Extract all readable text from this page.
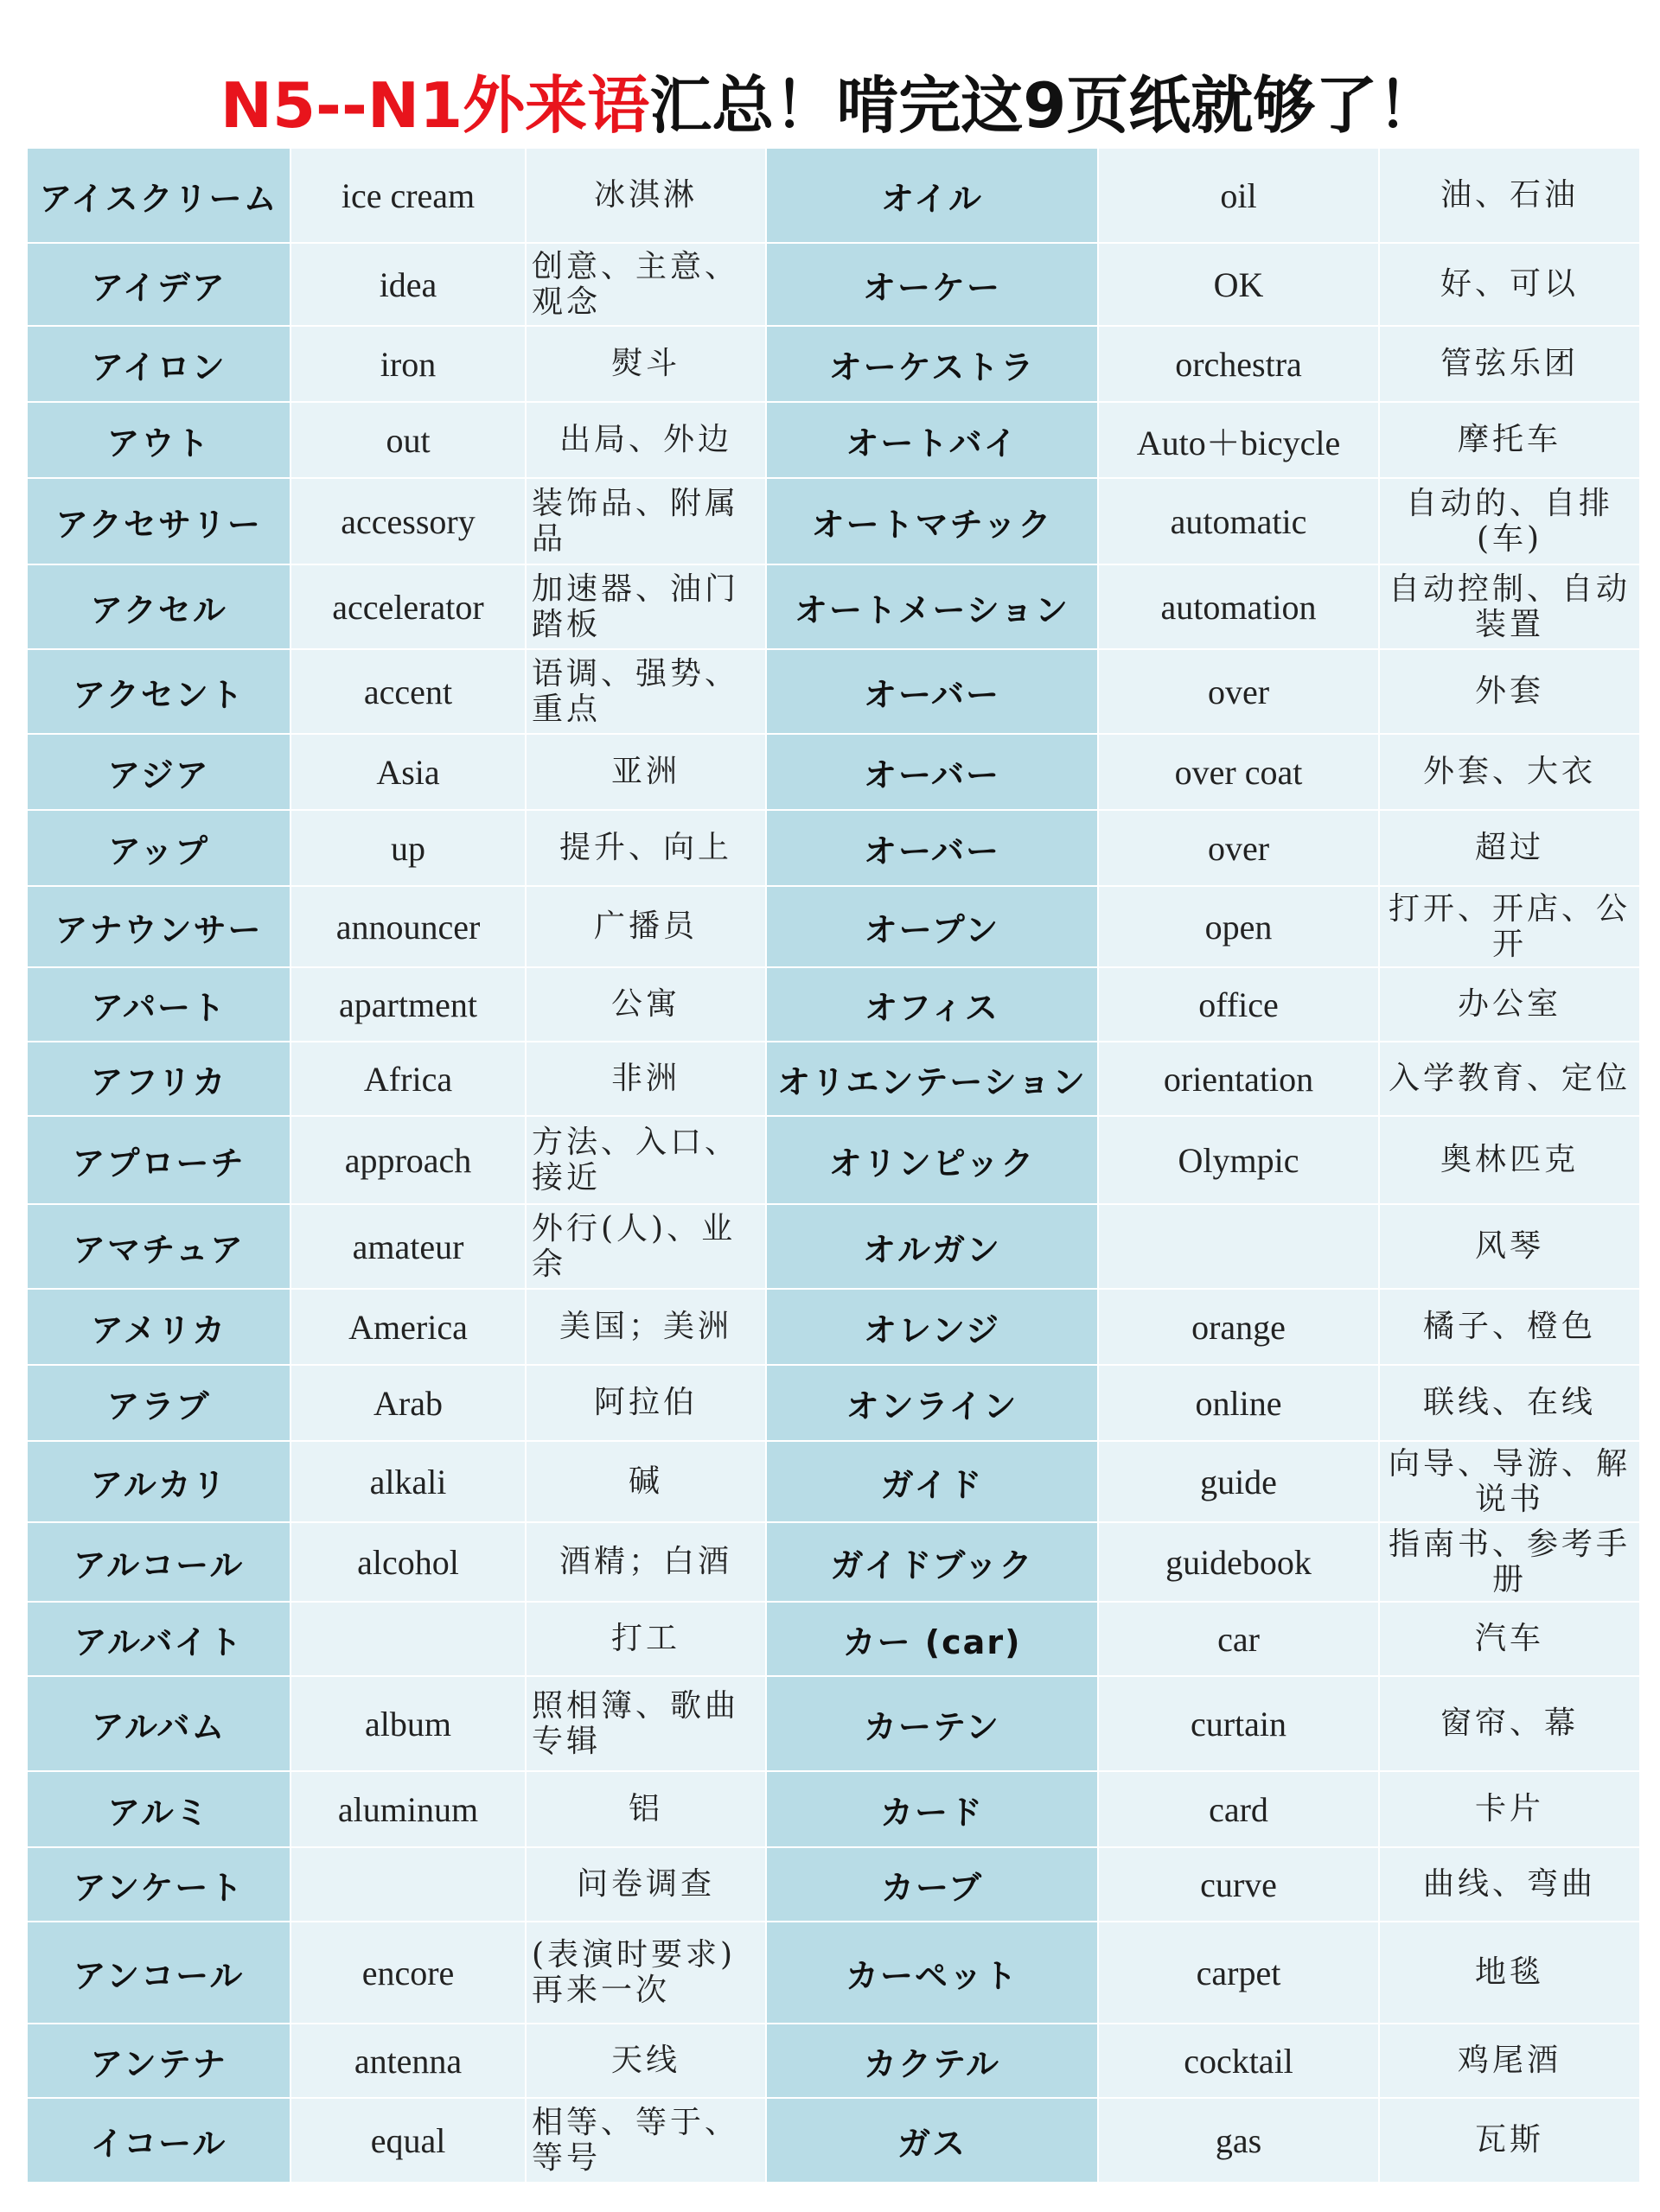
N5--N1外来语汇总！啃完这9页纸就够了！
アイスクリーム	ice cream	冰淇淋	オイル	oil	油、石油
アイデア	idea	创意、主意、观念	オーケー	OK	好、可以
アイロン	iron	熨斗	オーケストラ	orchestra	管弦乐团
アウト	out	出局、外边	オートバイ	Auto＋bicycle	摩托车
アクセサリー	accessory	装饰品、附属品	オートマチック	automatic	自动的、自排(车)
アクセル	accelerator	加速器、油门踏板	オートメーション	automation	自动控制、自动装置
アクセント	accent	语调、强势、重点	オーバー	over	外套
アジア	Asia	亚洲	オーバー	over coat	外套、大衣
アップ	up	提升、向上	オーバー	over	超过
アナウンサー	announcer	广播员	オープン	open	打开、开店、公开
アパート	apartment	公寓	オフィス	office	办公室
アフリカ	Africa	非洲	オリエンテーション	orientation	入学教育、定位
アプローチ	approach	方法、入口、接近	オリンピック	Olympic	奥林匹克
アマチュア	amateur	外行(人)、业余	オルガン		风琴
アメリカ	America	美国；美洲	オレンジ	orange	橘子、橙色
アラブ	Arab	阿拉伯	オンライン	online	联线、在线
アルカリ	alkali	碱	ガイド	guide	向导、导游、解说书
アルコール	alcohol	酒精；白酒	ガイドブック	guidebook	指南书、参考手册
アルバイト		打工	カー (car)	car	汽车
アルバム	album	照相簿、歌曲专辑	カーテン	curtain	窗帘、幕
アルミ	aluminum	铝	カード	card	卡片
アンケート		问卷调查	カーブ	curve	曲线、弯曲
アンコール	encore	(表演时要求)再来一次	カーペット	carpet	地毯
アンテナ	antenna	天线	カクテル	cocktail	鸡尾酒
イコール	equal	相等、等于、等号	ガス	gas	瓦斯
